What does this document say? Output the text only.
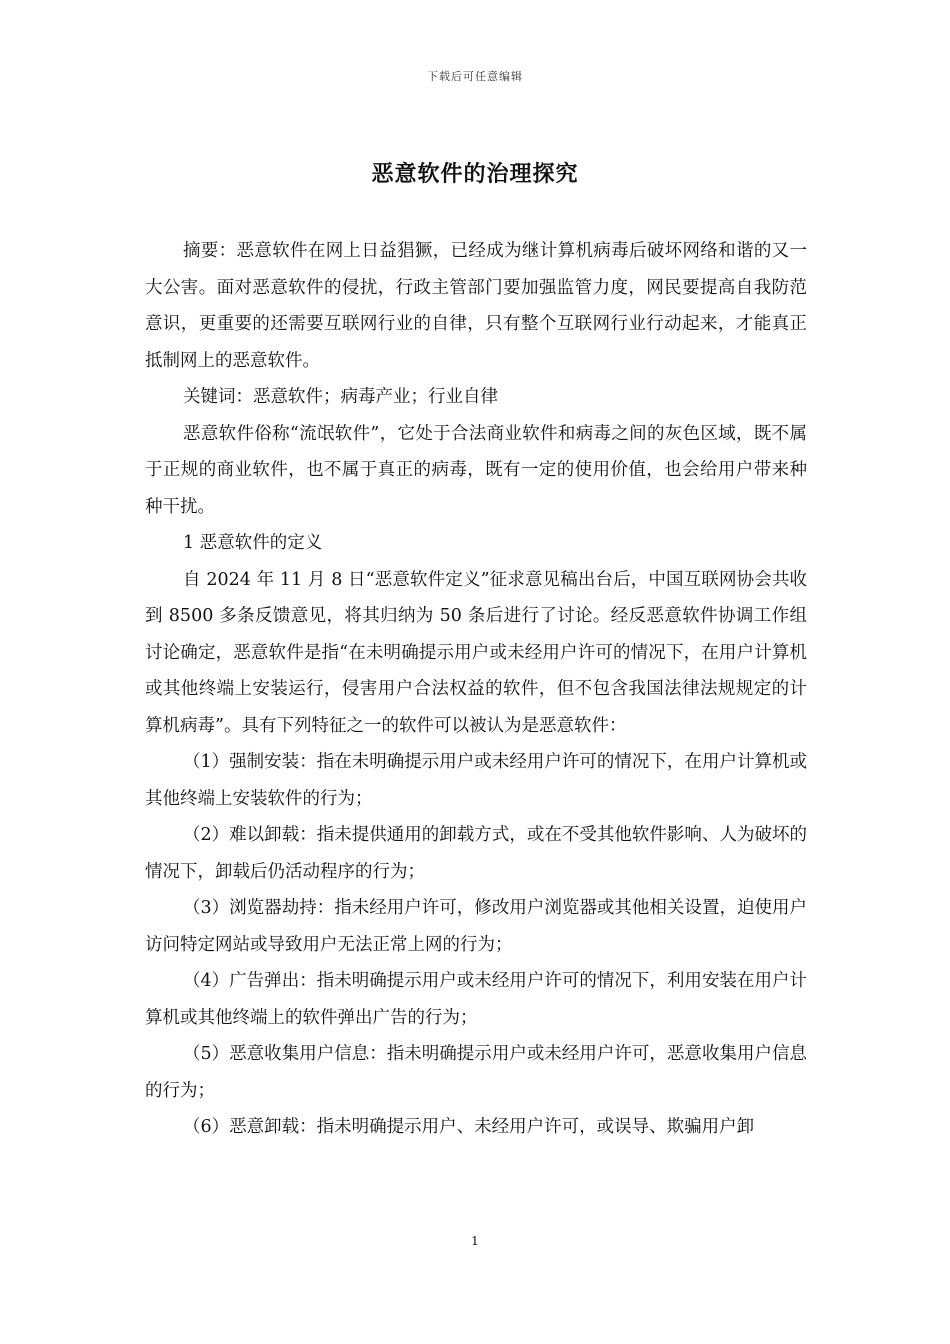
下载后可任意编辑
恶意软件的治理探究

摘要：恶意软件在网上日益猖獗，已经成为继计算机病毒后破坏网络和谐的又一大公害。面对恶意软件的侵扰，行政主管部门要加强监管力度，网民要提高自我防范意识，更重要的还需要互联网行业的自律，只有整个互联网行业行动起来，才能真正抵制网上的恶意软件。

关键词：恶意软件；病毒产业；行业自律

恶意软件俗称“流氓软件”，它处于合法商业软件和病毒之间的灰色区域，既不属于正规的商业软件，也不属于真正的病毒，既有一定的使用价值，也会给用户带来种种干扰。

1 恶意软件的定义

自 2024 年 11 月 8 日“恶意软件定义”征求意见稿出台后，中国互联网协会共收到 8500 多条反馈意见，将其归纳为 50 条后进行了讨论。经反恶意软件协调工作组讨论确定，恶意软件是指“在未明确提示用户或未经用户许可的情况下，在用户计算机或其他终端上安装运行，侵害用户合法权益的软件，但不包含我国法律法规规定的计算机病毒”。具有下列特征之一的软件可以被认为是恶意软件：

（1）强制安装：指在未明确提示用户或未经用户许可的情况下，在用户计算机或其他终端上安装软件的行为；

（2）难以卸载：指未提供通用的卸载方式，或在不受其他软件影响、人为破坏的情况下，卸载后仍活动程序的行为；

（3）浏览器劫持：指未经用户许可，修改用户浏览器或其他相关设置，迫使用户访问特定网站或导致用户无法正常上网的行为；

（4）广告弹出：指未明确提示用户或未经用户许可的情况下，利用安装在用户计算机或其他终端上的软件弹出广告的行为；

（5）恶意收集用户信息：指未明确提示用户或未经用户许可，恶意收集用户信息的行为；

（6）恶意卸载：指未明确提示用户、未经用户许可，或误导、欺骗用户卸

1
